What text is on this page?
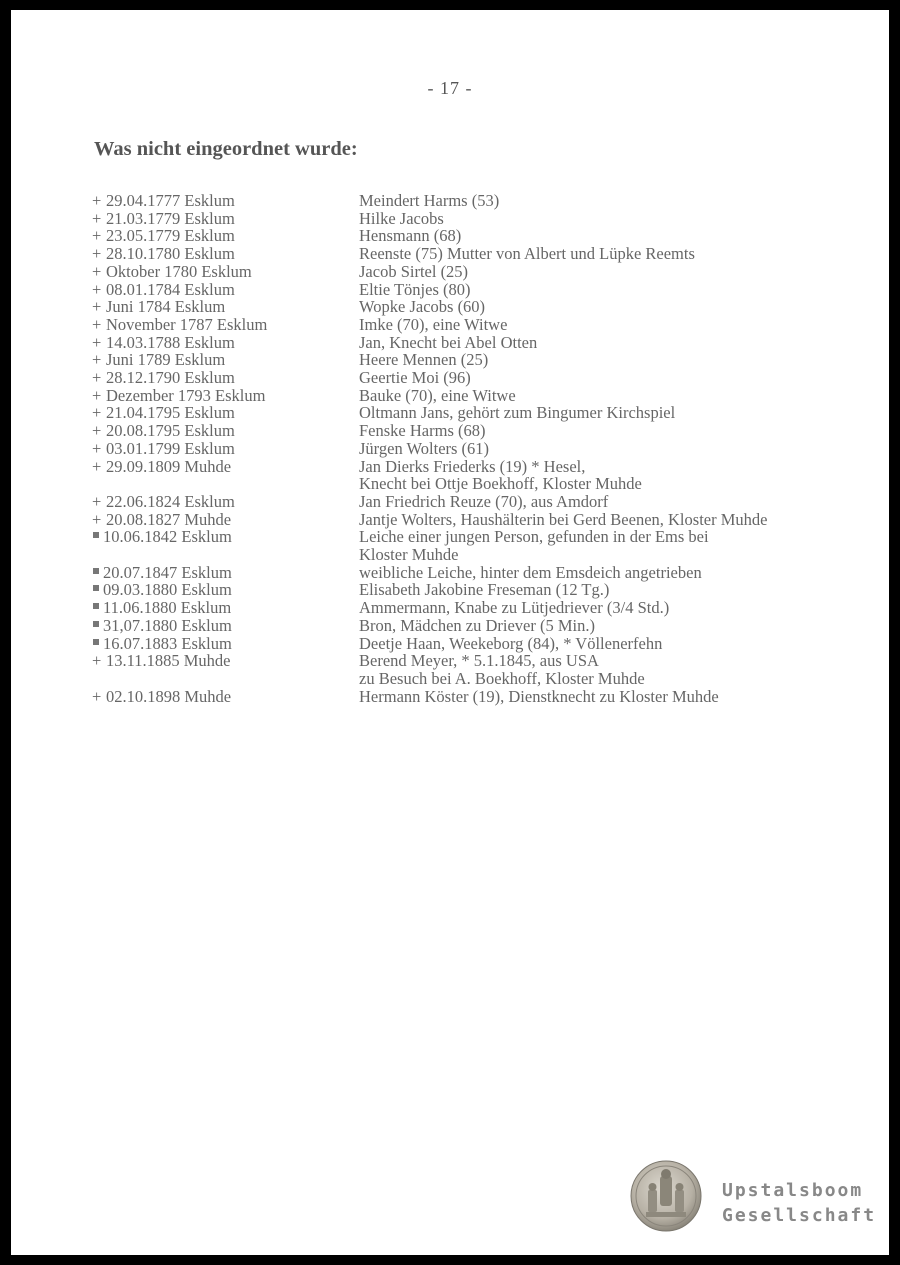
- 17 -
Was nicht eingeordnet wurde:
+ 29.04.1777 Esklum	Meindert Harms (53)
+ 21.03.1779 Esklum	Hilke Jacobs
+ 23.05.1779 Esklum	Hensmann (68)
+ 28.10.1780 Esklum	Reenste (75) Mutter von Albert und Lüpke Reemts
+ Oktober 1780 Esklum	Jacob Sirtel (25)
+ 08.01.1784 Esklum	Eltie Tönjes (80)
+ Juni 1784 Esklum	Wopke Jacobs (60)
+ November 1787 Esklum	Imke (70), eine Witwe
+ 14.03.1788 Esklum	Jan, Knecht bei Abel Otten
+ Juni 1789 Esklum	Heere Mennen (25)
+ 28.12.1790 Esklum	Geertie Moi (96)
+ Dezember 1793 Esklum	Bauke (70), eine Witwe
+ 21.04.1795 Esklum	Oltmann Jans, gehört zum Bingumer Kirchspiel
+ 20.08.1795 Esklum	Fenske Harms (68)
+ 03.01.1799 Esklum	Jürgen Wolters (61)
+ 29.09.1809 Muhde	Jan Dierks Friederks (19) * Hesel,
Knecht bei Ottje Boekhoff, Kloster Muhde
+ 22.06.1824 Esklum	Jan Friedrich Reuze (70), aus Amdorf
+ 20.08.1827 Muhde	Jantje Wolters, Haushälterin bei Gerd Beenen, Kloster Muhde
10.06.1842 Esklum	Leiche einer jungen Person, gefunden in der Ems bei
Kloster Muhde
20.07.1847 Esklum	weibliche Leiche, hinter dem Emsdeich angetrieben
09.03.1880 Esklum	Elisabeth Jakobine Freseman (12 Tg.)
11.06.1880 Esklum	Ammermann, Knabe zu Lütjedriever (3/4 Std.)
31,07.1880 Esklum	Bron, Mädchen zu Driever (5 Min.)
16.07.1883 Esklum	Deetje Haan, Weekeborg (84), * Völlenerfehn
+ 13.11.1885 Muhde	Berend Meyer, * 5.1.1845, aus USA
zu Besuch bei A. Boekhoff, Kloster Muhde
+ 02.10.1898 Muhde	Hermann Köster (19), Dienstknecht zu Kloster Muhde
Upstalsboom
Gesellschaft
